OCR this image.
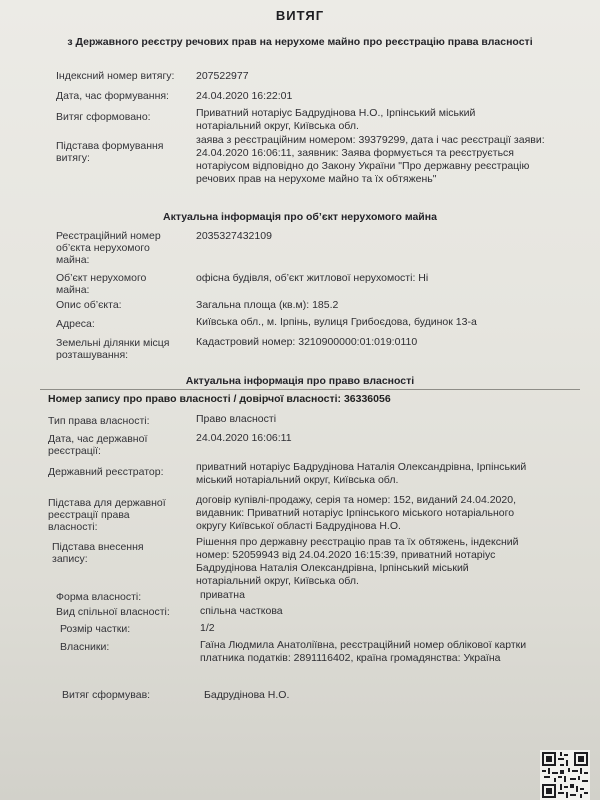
ВИТЯГ
з Державного реєстру речових прав на нерухоме майно про реєстрацію права власності
Індексний номер витягу: 207522977
Дата, час формування:	24.04.2020 16:22:01
Витяг сформовано:	Приватний нотаріус Бадрудінова Н.О., Ірпінський міський
нотаріальний округ, Київська обл.
Підстава формування
витягу:
заява з реєстраційним номером: 39379299, дата і час реєстрації заяви:
24.04.2020 16:06:11, заявник: Заява формується та реєструється
нотаріусом відповідно до Закону України "Про державну реєстрацію
речових прав на нерухоме майно та їх обтяжень"
Актуальна інформація про об’єкт нерухомого майна
Реєстраційний номер
об’єкта нерухомого
майна:
2035327432109
Об’єкт нерухомого
майна:
офісна будівля, об’єкт житлової нерухомості: Ні
Опис об’єкта:	Загальна площа (кв.м): 185.2
Адреса:	Київська обл., м. Ірпінь, вулиця Грибоєдова, будинок 13-а
Земельні ділянки місця
розташування:
Кадастровий номер: 3210900000:01:019:0110
Актуальна інформація про право власності
Номер запису про право власності / довірчої власності: 36336056
Тип права власності:	Право власності
Дата, час державної
реєстрації:
24.04.2020 16:06:11
Державний реєстратор:	приватний нотаріус Бадрудінова Наталія Олександрівна, Ірпінський
міський нотаріальний округ, Київська обл.
Підстава для державної
реєстрації права
власності:
договір купівлі-продажу, серія та номер: 152, виданий 24.04.2020,
видавник: Приватний нотаріус Ірпінського міського нотаріального
округу Київської області Бадрудінова Н.О.
Підстава внесення
запису:
Рішення про державну реєстрацію прав та їх обтяжень, індексний
номер: 52059943 від 24.04.2020 16:15:39, приватний нотаріус
Бадрудінова Наталія Олександрівна, Ірпінський міський
нотаріальний округ, Київська обл.
Форма власності:	приватна
Вид спільної власності:	спільна часткова
Розмір частки:	1/2
Власники:	Гаїна Людмила Анатоліївна, реєстраційний номер облікової картки
платника податків: 2891116402, країна громадянства: Україна
Витяг сформував:	Бадрудінова Н.О.
